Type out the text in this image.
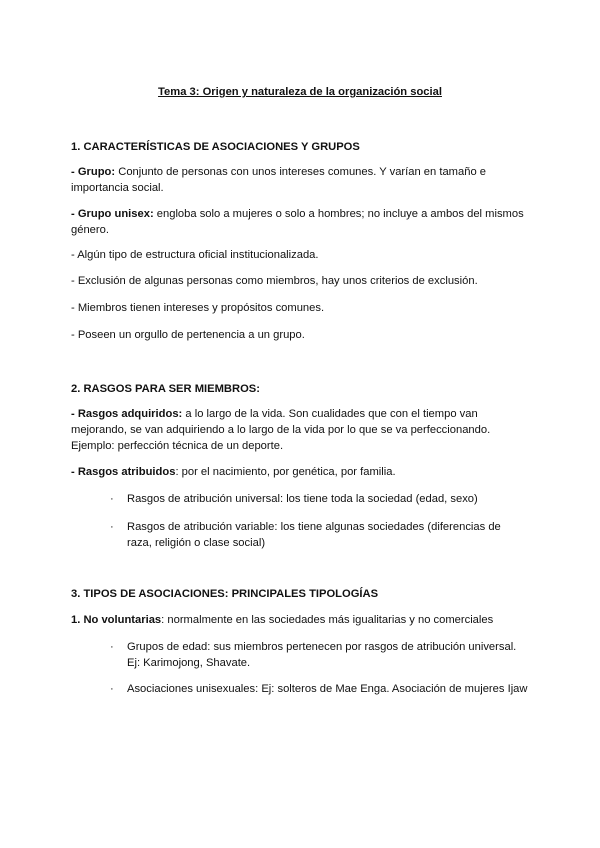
Tema 3: Origen y naturaleza de la organización social
1. CARACTERÍSTICAS DE ASOCIACIONES Y GRUPOS
- Grupo: Conjunto de personas con unos intereses comunes. Y varían en tamaño e importancia social.
- Grupo unisex: engloba solo a mujeres o solo a hombres; no incluye a ambos del mismos género.
- Algún tipo de estructura oficial institucionalizada.
- Exclusión de algunas personas como miembros, hay unos criterios de exclusión.
- Miembros tienen intereses y propósitos comunes.
- Poseen un orgullo de pertenencia a un grupo.
2. RASGOS PARA SER MIEMBROS:
- Rasgos adquiridos: a lo largo de la vida. Son cualidades que con el tiempo van mejorando, se van adquiriendo a lo largo de la vida por lo que se va perfeccionando. Ejemplo: perfección técnica de un deporte.
- Rasgos atribuidos: por el nacimiento, por genética, por familia.
·	Rasgos de atribución universal: los tiene toda la sociedad (edad, sexo)
·	Rasgos de atribución variable: los tiene algunas sociedades (diferencias de raza, religión o clase social)
3. TIPOS DE ASOCIACIONES: PRINCIPALES TIPOLOGÍAS
1. No voluntarias: normalmente en las sociedades más igualitarias y no comerciales
·	Grupos de edad: sus miembros pertenecen por rasgos de atribución universal. Ej: Karimojong, Shavate.
·	Asociaciones unisexuales: Ej: solteros de Mae Enga. Asociación de mujeres Ijaw
